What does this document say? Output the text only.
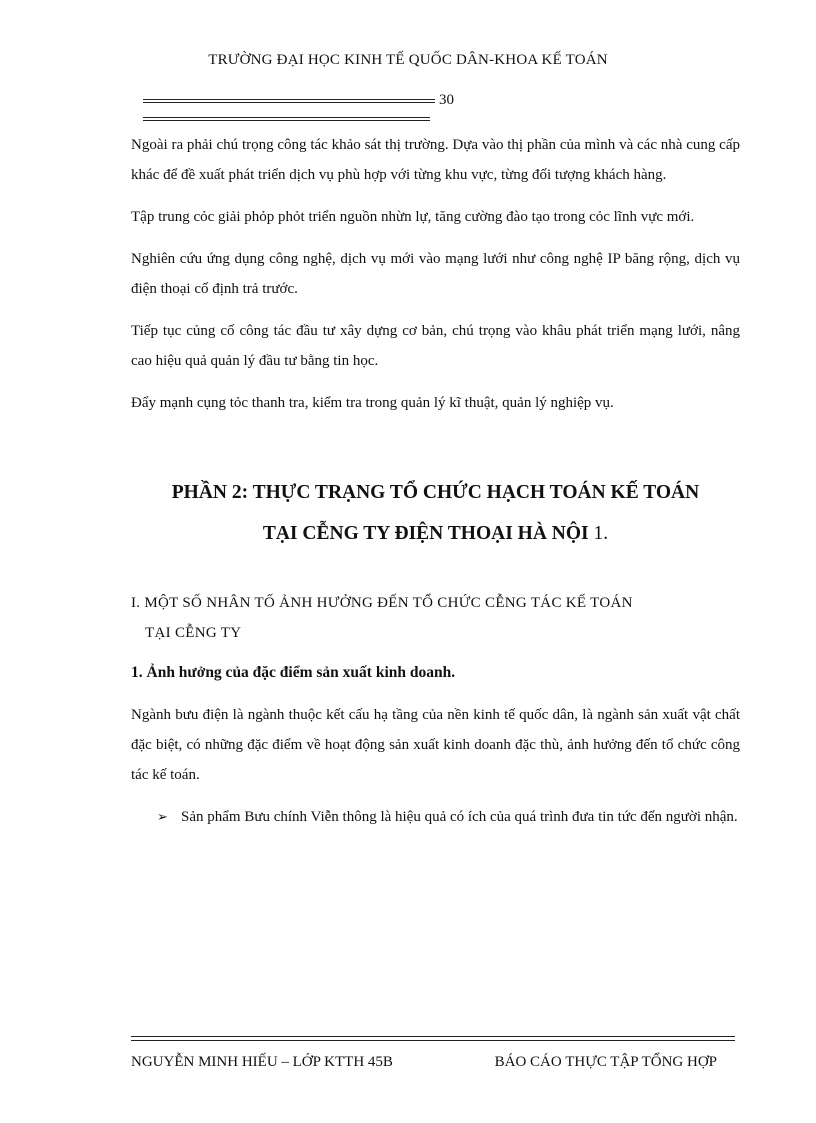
TRƯỜNG ĐẠI HỌC KINH TẾ QUỐC DÂN-KHOA KẾ TOÁN
30

Ngoài ra phải chú trọng công tác khảo sát thị trường. Dựa vào thị phần của mình và các nhà cung cấp khác để đề xuất phát triển dịch vụ phù hợp với từng khu vực, từng đối tượng khách hàng.

Tập trung cỏc giải phỏp phỏt triển nguồn nhừn lự, tăng cường đào tạo trong cỏc lĩnh vực mới.

Nghiên cứu ứng dụng công nghệ, dịch vụ mới vào mạng lưới như công nghệ IP băng rộng, dịch vụ điện thoại cố định trả trước.

Tiếp tục củng cố công tác đầu tư xây dựng cơ bản, chú trọng vào khâu phát triển mạng lưới, nâng cao hiệu quả quản lý đầu tư bằng tin học.

Đẩy mạnh cụng tỏc thanh tra, kiểm tra trong quản lý kĩ thuật, quản lý nghiệp vụ.

PHẦN 2: THỰC TRẠNG TỔ CHỨC HẠCH TOÁN KẾ TOÁN
TẠI CỄNG TY ĐIỆN THOẠI HÀ NỘI 1.
I. MỘT SỐ NHÂN TỐ ẢNH HƯỞNG ĐẾN TỔ CHỨC CỄNG TÁC KẾ TOÁN
TẠI CỄNG TY
1. Ảnh hưởng của đặc điểm sản xuất kinh doanh.

Ngành bưu điện là ngành thuộc kết cấu hạ tầng của nền kinh tế quốc dân, là ngành sản xuất vật chất đặc biệt, có những đặc điểm về hoạt động sản xuất kinh doanh đặc thù, ảnh hưởng đến tổ chức công tác kế toán.

➢ Sản phẩm Bưu chính Viễn thông là hiệu quả có ích của quá trình đưa tin tức đến người nhận.
NGUYỄN MINH HIẾU – LỚP KTTH 45B	BÁO CÁO THỰC TẬP TỔNG HỢP
